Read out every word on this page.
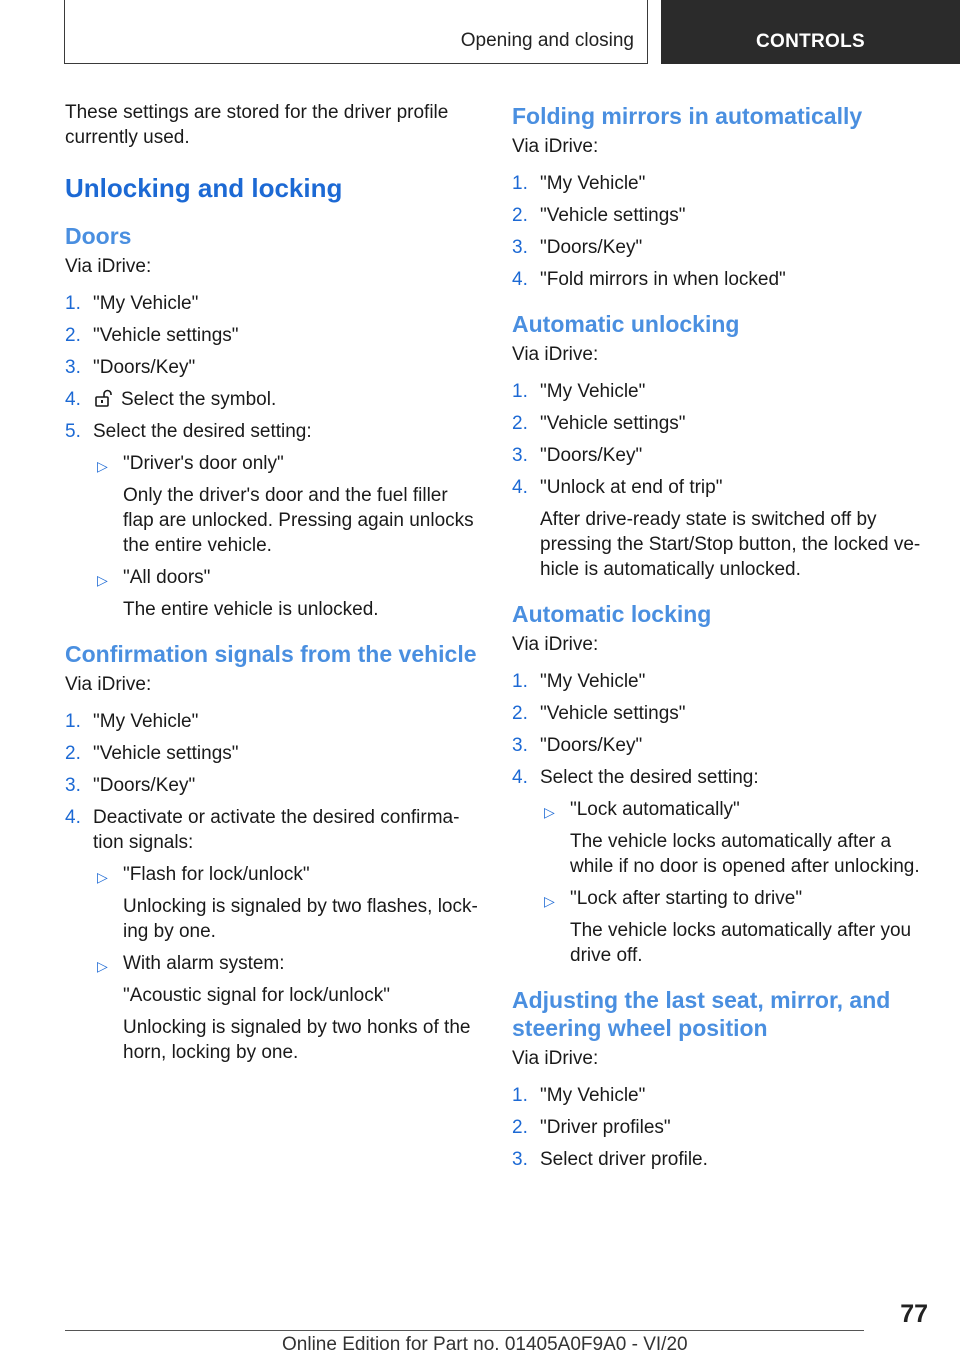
Opening and closing	CONTROLS

These settings are stored for the driver profile currently used.

Unlocking and locking
Doors
Via iDrive:
1. "My Vehicle"
2. "Vehicle settings"
3. "Doors/Key"
4. Select the symbol.
5. Select the desired setting:
▷ "Driver's door only"
Only the driver's door and the fuel filler flap are unlocked. Pressing again unlocks the entire vehicle.
▷ "All doors"
The entire vehicle is unlocked.
Confirmation signals from the vehicle
Via iDrive:
1. "My Vehicle"
2. "Vehicle settings"
3. "Doors/Key"
4. Deactivate or activate the desired confirma‐ tion signals:
▷ "Flash for lock/unlock"
Unlocking is signaled by two flashes, lock‐ ing by one.
▷ With alarm system:
"Acoustic signal for lock/unlock"
Unlocking is signaled by two honks of the horn, locking by one.
Folding mirrors in automatically
Via iDrive:
1. "My Vehicle"
2. "Vehicle settings"
3. "Doors/Key"
4. "Fold mirrors in when locked"
Automatic unlocking
Via iDrive:
1. "My Vehicle"
2. "Vehicle settings"
3. "Doors/Key"
4. "Unlock at end of trip"
After drive-ready state is switched off by pressing the Start/Stop button, the locked ve‐ hicle is automatically unlocked.
Automatic locking
Via iDrive:
1. "My Vehicle"
2. "Vehicle settings"
3. "Doors/Key"
4. Select the desired setting:
▷ "Lock automatically"
The vehicle locks automatically after a while if no door is opened after unlocking.
▷ "Lock after starting to drive"
The vehicle locks automatically after you drive off.
Adjusting the last seat, mirror, and steering wheel position
Via iDrive:
1. "My Vehicle"
2. "Driver profiles"
3. Select driver profile.
77
Online Edition for Part no. 01405A0F9A0 - VI/20
